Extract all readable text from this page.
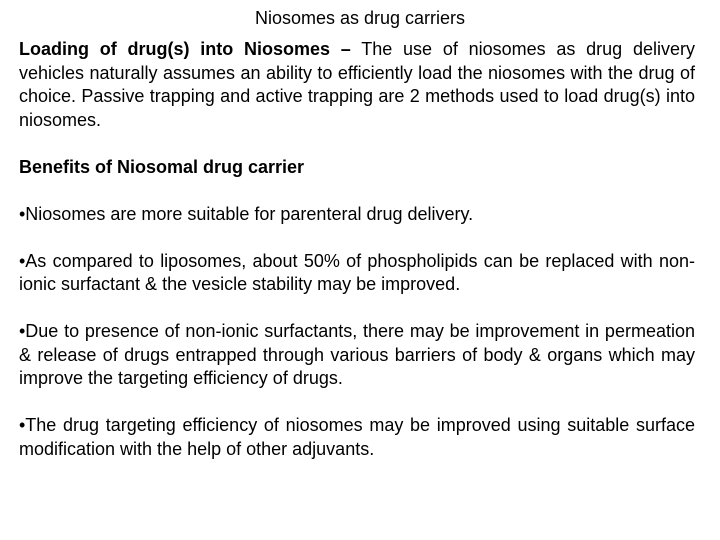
Niosomes as drug carriers

Loading of drug(s) into Niosomes – The use of niosomes as drug delivery vehicles naturally assumes an ability to efficiently load the niosomes with the drug of choice. Passive trapping and active trapping are 2 methods used to load drug(s) into niosomes.

Benefits of Niosomal drug carrier

•Niosomes are more suitable for parenteral drug delivery.

•As compared to liposomes, about 50% of phospholipids can be replaced with non-ionic surfactant & the vesicle stability may be improved.

•Due to presence of non-ionic surfactants, there may be improvement in permeation & release of drugs entrapped through various barriers of body & organs which may improve the targeting efficiency of drugs.

•The drug targeting efficiency of niosomes may be improved using suitable surface modification with the help of other adjuvants.
